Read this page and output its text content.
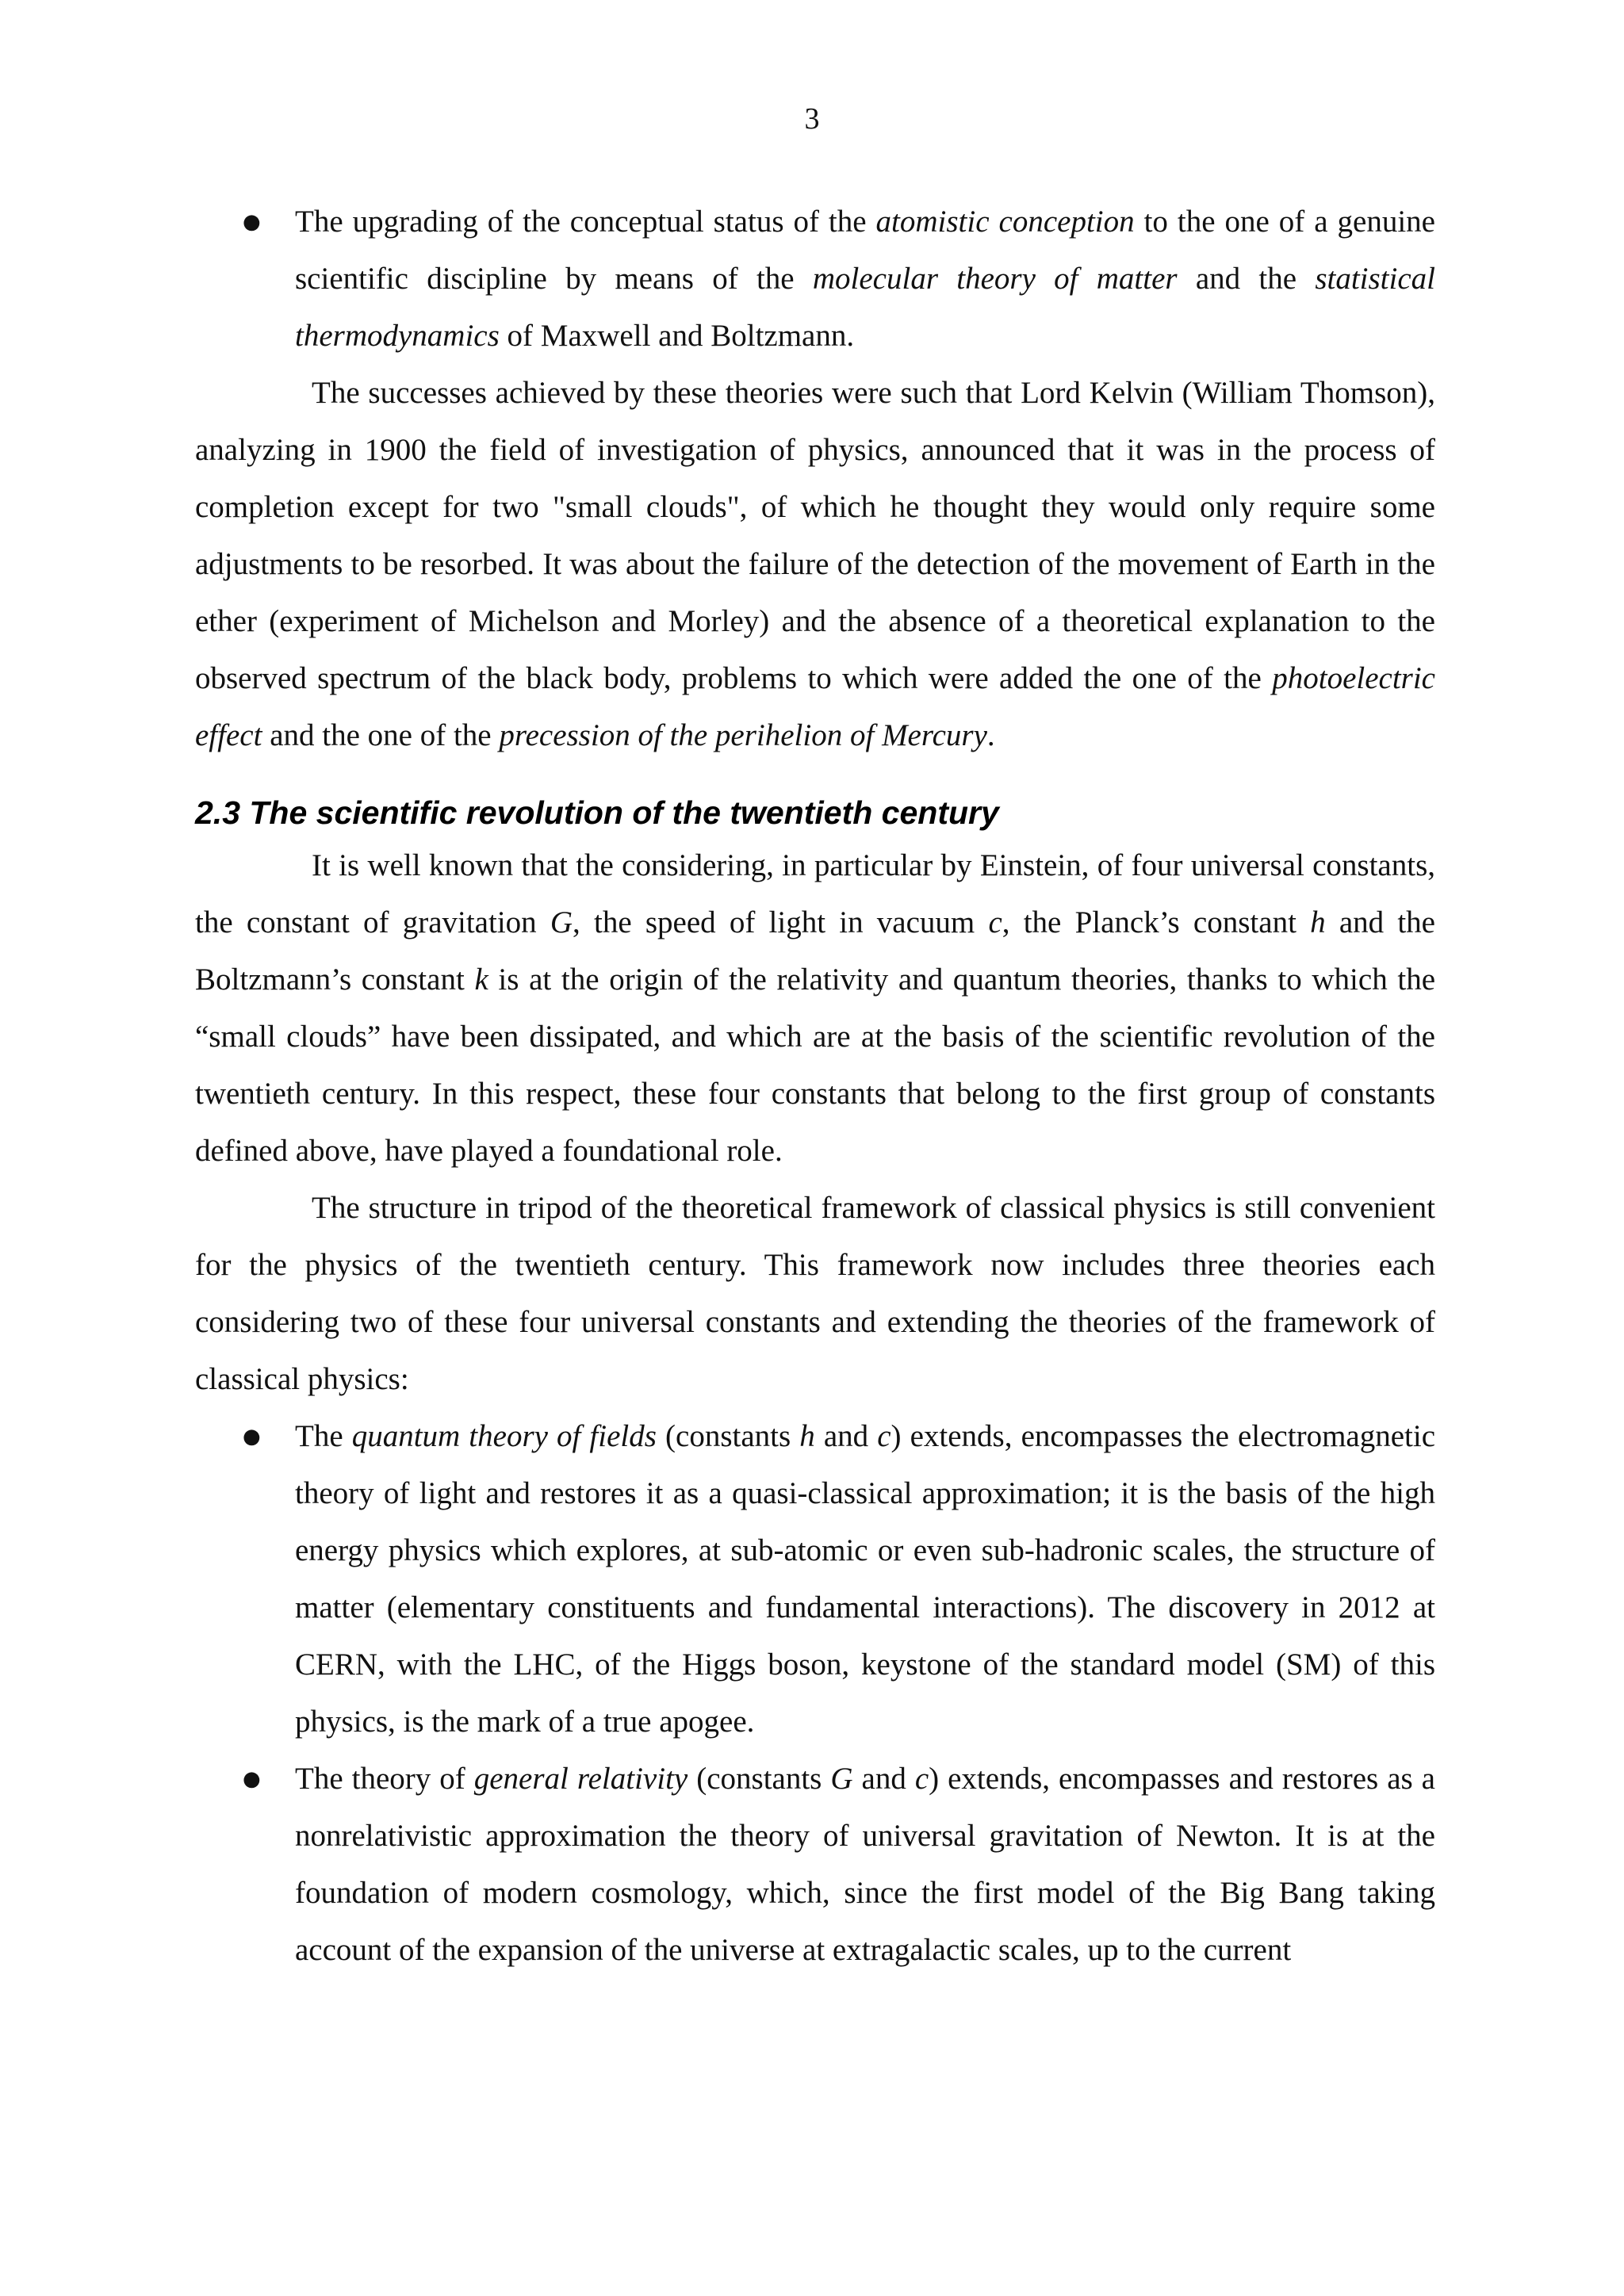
3
● The upgrading of the conceptual status of the atomistic conception to the one of a genuine scientific discipline by means of the molecular theory of matter and the statistical thermodynamics of Maxwell and Boltzmann.

The successes achieved by these theories were such that Lord Kelvin (William Thomson), analyzing in 1900 the field of investigation of physics, announced that it was in the process of completion except for two "small clouds", of which he thought they would only require some adjustments to be resorbed. It was about the failure of the detection of the movement of Earth in the ether (experiment of Michelson and Morley) and the absence of a theoretical explanation to the observed spectrum of the black body, problems to which were added the one of the photoelectric effect and the one of the precession of the perihelion of Mercury.

2.3 The scientific revolution of the twentieth century

It is well known that the considering, in particular by Einstein, of four universal constants, the constant of gravitation G, the speed of light in vacuum c, the Planck’s constant h and the Boltzmann’s constant k is at the origin of the relativity and quantum theories, thanks to which the “small clouds” have been dissipated, and which are at the basis of the scientific revolution of the twentieth century. In this respect, these four constants that belong to the first group of constants defined above, have played a foundational role.

The structure in tripod of the theoretical framework of classical physics is still convenient for the physics of the twentieth century. This framework now includes three theories each considering two of these four universal constants and extending the theories of the framework of classical physics:

● The quantum theory of fields (constants h and c) extends, encompasses the electromagnetic theory of light and restores it as a quasi-classical approximation; it is the basis of the high energy physics which explores, at sub-atomic or even sub-hadronic scales, the structure of matter (elementary constituents and fundamental interactions). The discovery in 2012 at CERN, with the LHC, of the Higgs boson, keystone of the standard model (SM) of this physics, is the mark of a true apogee.
● The theory of general relativity (constants G and c) extends, encompasses and restores as a nonrelativistic approximation the theory of universal gravitation of Newton. It is at the foundation of modern cosmology, which, since the first model of the Big Bang taking account of the expansion of the universe at extragalactic scales, up to the current
